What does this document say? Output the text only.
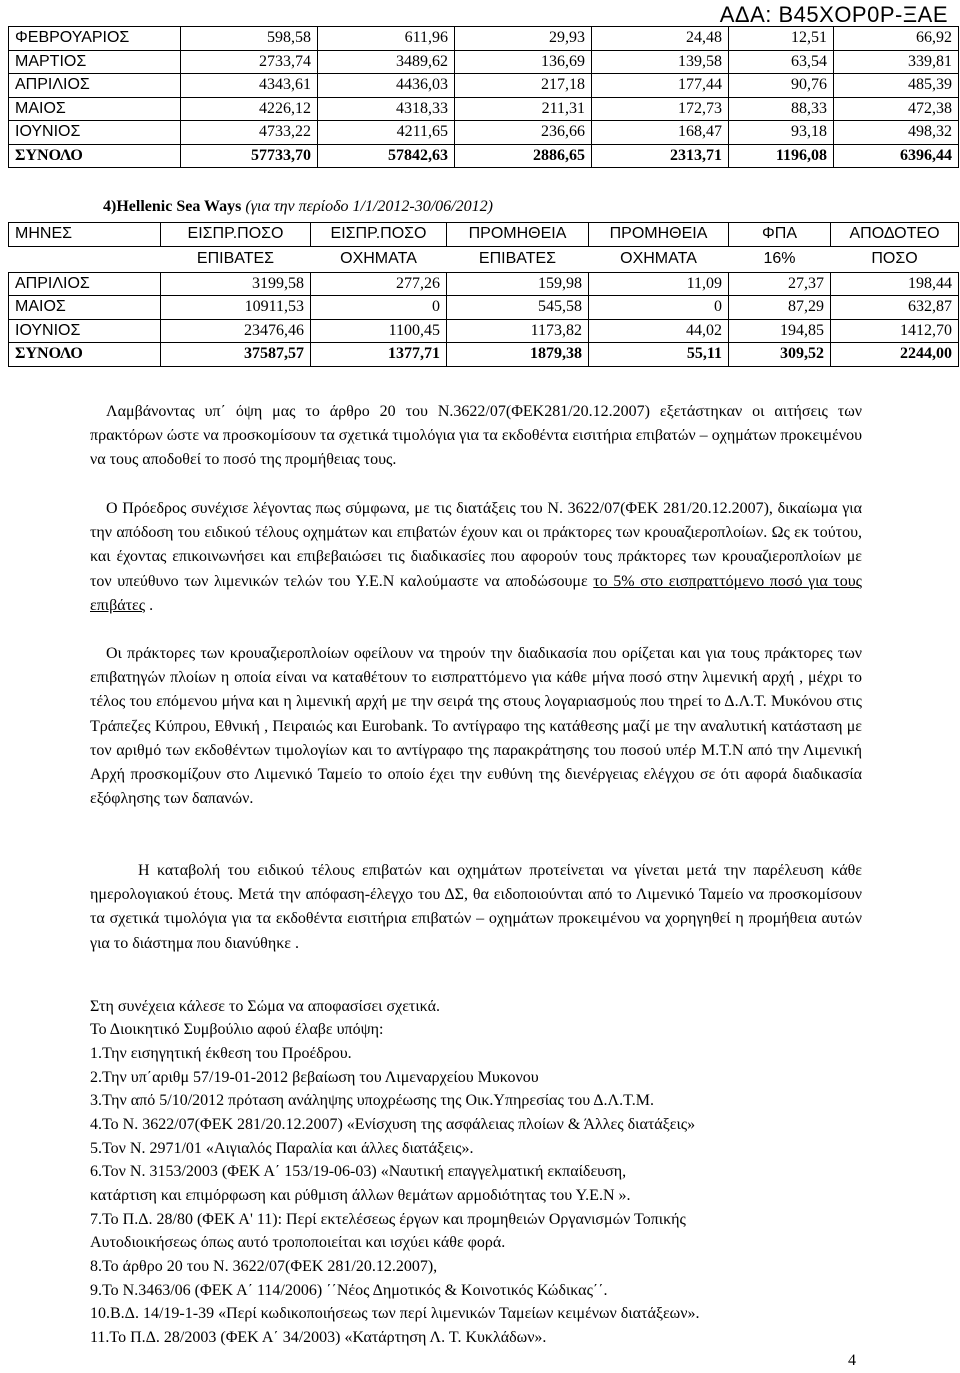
ΑΔΑ: Β45ΧΟΡ0Ρ-ΞΑΕ
ΦΕΒΡΟΥΑΡΙΟΣ	598,58	611,96	29,93	24,48	12,51	66,92
ΜΑΡΤΙΟΣ	2733,74	3489,62	136,69	139,58	63,54	339,81
ΑΠΡΙΛΙΟΣ	4343,61	4436,03	217,18	177,44	90,76	485,39
ΜΑΙΟΣ	4226,12	4318,33	211,31	172,73	88,33	472,38
ΙΟΥΝΙΟΣ	4733,22	4211,65	236,66	168,47	93,18	498,32
ΣΥΝΟΛΟ	57733,70	57842,63	2886,65	2313,71	1196,08	6396,44
4)Hellenic Sea Ways (για την περίοδο 1/1/2012-30/06/2012)
ΜΗΝΕΣ	ΕΙΣΠΡ.ΠΟΣΟ	ΕΙΣΠΡ.ΠΟΣΟ	ΠΡΟΜΗΘΕΙΑ	ΠΡΟΜΗΘΕΙΑ	ΦΠΑ	ΑΠΟΔΟΤΕΟ
	ΕΠΙΒΑΤΕΣ	ΟΧΗΜΑΤΑ	ΕΠΙΒΑΤΕΣ	ΟΧΗΜΑΤΑ	16%	ΠΟΣΟ
ΑΠΡΙΛΙΟΣ	3199,58	277,26	159,98	11,09	27,37	198,44
ΜΑΙΟΣ	10911,53	0	545,58	0	87,29	632,87
ΙΟΥΝΙΟΣ	23476,46	1100,45	1173,82	44,02	194,85	1412,70
ΣΥΝΟΛΟ	37587,57	1377,71	1879,38	55,11	309,52	2244,00
Λαμβάνοντας υπ΄ όψη μας το άρθρο 20 του Ν.3622/07(ΦΕΚ281/20.12.2007) εξετάστηκαν οι αιτήσεις των πρακτόρων ώστε να προσκομίσουν τα σχετικά τιμολόγια για τα εκδοθέντα εισιτήρια επιβατών – οχημάτων προκειμένου να τους αποδοθεί το ποσό της προμήθειας τους.
Ο Πρόεδρος συνέχισε λέγοντας πως σύμφωνα, με τις διατάξεις του Ν. 3622/07(ΦΕΚ 281/20.12.2007), δικαίωμα για την απόδοση του ειδικού τέλους οχημάτων και επιβατών έχουν και οι πράκτορες των κρουαζιεροπλοίων. Ως εκ τούτου, και έχοντας επικοινωνήσει και επιβεβαιώσει τις διαδικασίες που αφορούν τους πράκτορες των κρουαζιεροπλοίων με τον υπεύθυνο των λιμενικών τελών του Υ.Ε.Ν καλούμαστε να αποδώσουμε το 5% στο εισπραττόμενο ποσό για τους επιβάτες .
Οι πράκτορες των κρουαζιεροπλοίων οφείλουν να τηρούν την διαδικασία που ορίζεται και για τους πράκτορες των επιβατηγών πλοίων η οποία είναι να καταθέτουν το εισπραττόμενο για κάθε μήνα ποσό στην λιμενική αρχή , μέχρι το τέλος του επόμενου μήνα και η λιμενική αρχή με την σειρά της στους λογαριασμούς που τηρεί το Δ.Λ.Τ. Μυκόνου στις Τράπεζες Κύπρου, Εθνική , Πειραιώς και Eurobank. Το αντίγραφο της κατάθεσης μαζί με την αναλυτική κατάσταση με τον αριθμό των εκδοθέντων τιμολογίων και το αντίγραφο της παρακράτησης του ποσού υπέρ Μ.Τ.Ν από την Λιμενική Αρχή προσκομίζουν στο Λιμενικό Ταμείο το οποίο έχει την ευθύνη της διενέργειας ελέγχου σε ότι αφορά διαδικασία εξόφλησης των δαπανών.
Η καταβολή του ειδικού τέλους επιβατών και οχημάτων προτείνεται να γίνεται μετά την παρέλευση κάθε ημερολογιακού έτους. Μετά την απόφαση-έλεγχο του ΔΣ, θα ειδοποιούνται από το Λιμενικό Ταμείο να προσκομίσουν τα σχετικά τιμολόγια για τα εκδοθέντα εισιτήρια επιβατών – οχημάτων προκειμένου να χορηγηθεί η προμήθεια αυτών για το διάστημα που διανύθηκε .
Στη συνέχεια κάλεσε το Σώμα να αποφασίσει σχετικά.
Το Διοικητικό Συμβούλιο αφού έλαβε υπόψη:
1.Την εισηγητική έκθεση του Προέδρου.
2.Την υπ΄αριθμ 57/19-01-2012 βεβαίωση του Λιμεναρχείου Μυκονου
3.Την από 5/10/2012 πρόταση ανάληψης υποχρέωσης της Οικ.Υπηρεσίας του Δ.Λ.Τ.Μ.
4.Το Ν. 3622/07(ΦΕΚ 281/20.12.2007) «Ενίσχυση της ασφάλειας πλοίων & Άλλες διατάξεις»
5.Τον Ν. 2971/01 «Αιγιαλός Παραλία και άλλες διατάξεις».
6.Τον Ν. 3153/2003 (ΦΕΚ Α΄ 153/19-06-03) «Ναυτική επαγγελματική εκπαίδευση,
κατάρτιση και επιμόρφωση και ρύθμιση άλλων θεμάτων αρμοδιότητας του Υ.Ε.Ν ».
7.Το Π.Δ. 28/80 (ΦΕΚ Α' 11): Περί εκτελέσεως έργων και προμηθειών Οργανισμών Τοπικής
Αυτοδιοικήσεως όπως αυτό τροποποιείται και ισχύει κάθε φορά.
8.Το άρθρο 20 του Ν. 3622/07(ΦΕΚ 281/20.12.2007),
9.Το Ν.3463/06 (ΦΕΚ Α΄ 114/2006) ΄΄Νέος Δημοτικός & Κοινοτικός Κώδικας΄΄.
10.Β.Δ. 14/19-1-39 «Περί κωδικοποιήσεως των περί λιμενικών Ταμείων κειμένων διατάξεων».
11.Το Π.Δ. 28/2003 (ΦΕΚ Α΄ 34/2003) «Κατάρτηση Λ. Τ. Κυκλάδων».
4
